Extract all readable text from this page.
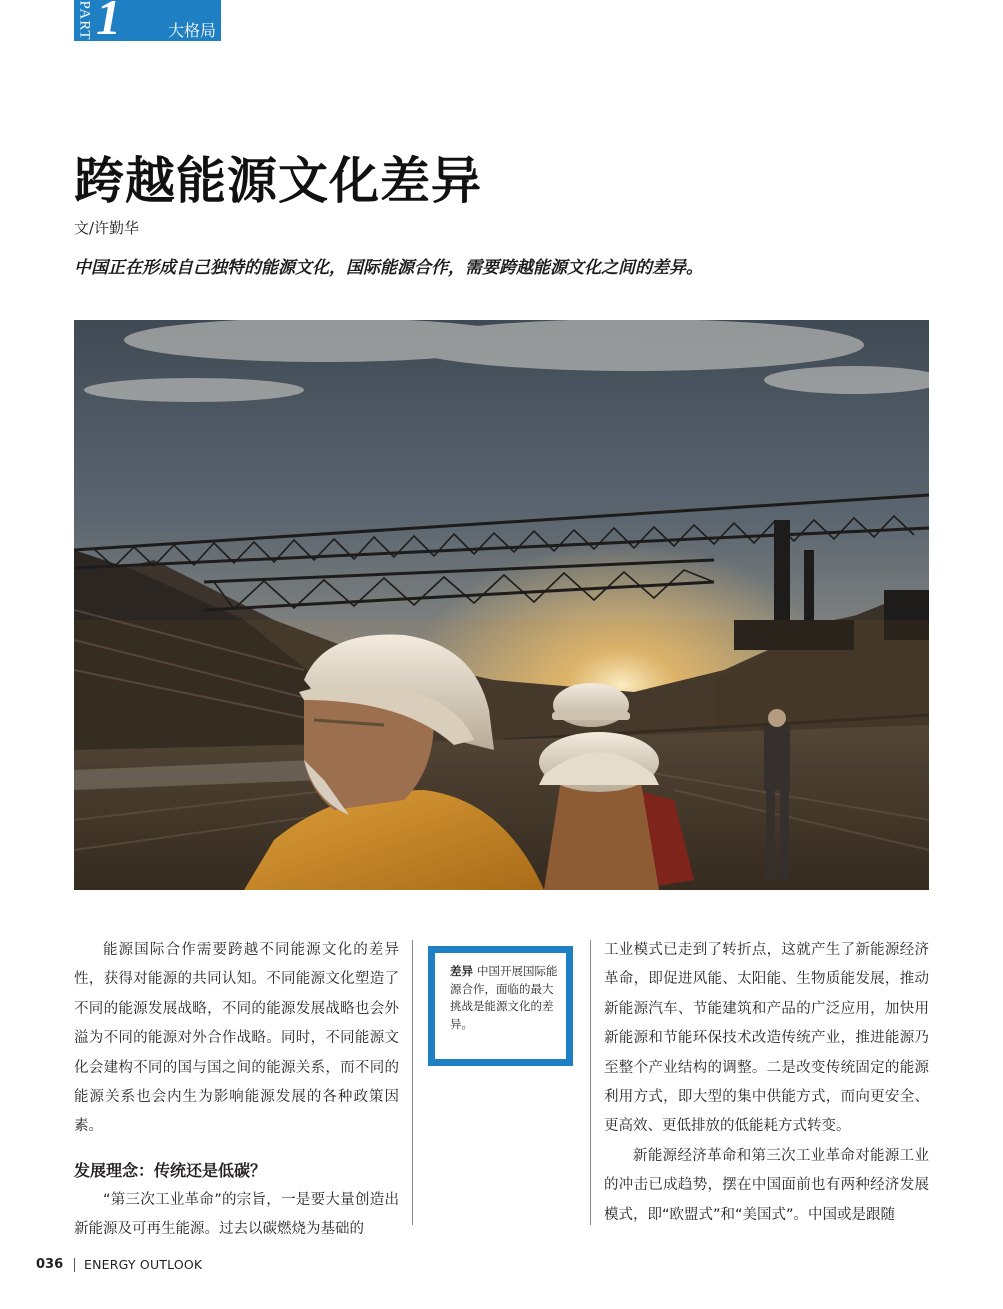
PART 1	大格局
跨越能源文化差异
文/许勤华
中国正在形成自己独特的能源文化，国际能源合作，需要跨越能源文化之间的差异。

能源国际合作需要跨越不同能源文化的差异性，获得对能源的共同认知。不同能源文化塑造了不同的能源发展战略，不同的能源发展战略也会外溢为不同的能源对外合作战略。同时，不同能源文化会建构不同的国与国之间的能源关系，而不同的能源关系也会内生为影响能源发展的各种政策因素。

发展理念：传统还是低碳？

“第三次工业革命”的宗旨，一是要大量创造出新能源及可再生能源。过去以碳燃烧为基础的

差异 中国开展国际能源合作，面临的最大挑战是能源文化的差异。

工业模式已走到了转折点，这就产生了新能源经济革命，即促进风能、太阳能、生物质能发展，推动新能源汽车、节能建筑和产品的广泛应用，加快用新能源和节能环保技术改造传统产业，推进能源乃至整个产业结构的调整。二是改变传统固定的能源利用方式，即大型的集中供能方式，而向更安全、更高效、更低排放的低能耗方式转变。

新能源经济革命和第三次工业革命对能源工业的冲击已成趋势，摆在中国面前也有两种经济发展模式，即“欧盟式”和“美国式”。中国或是跟随

036 ENERGY OUTLOOK
